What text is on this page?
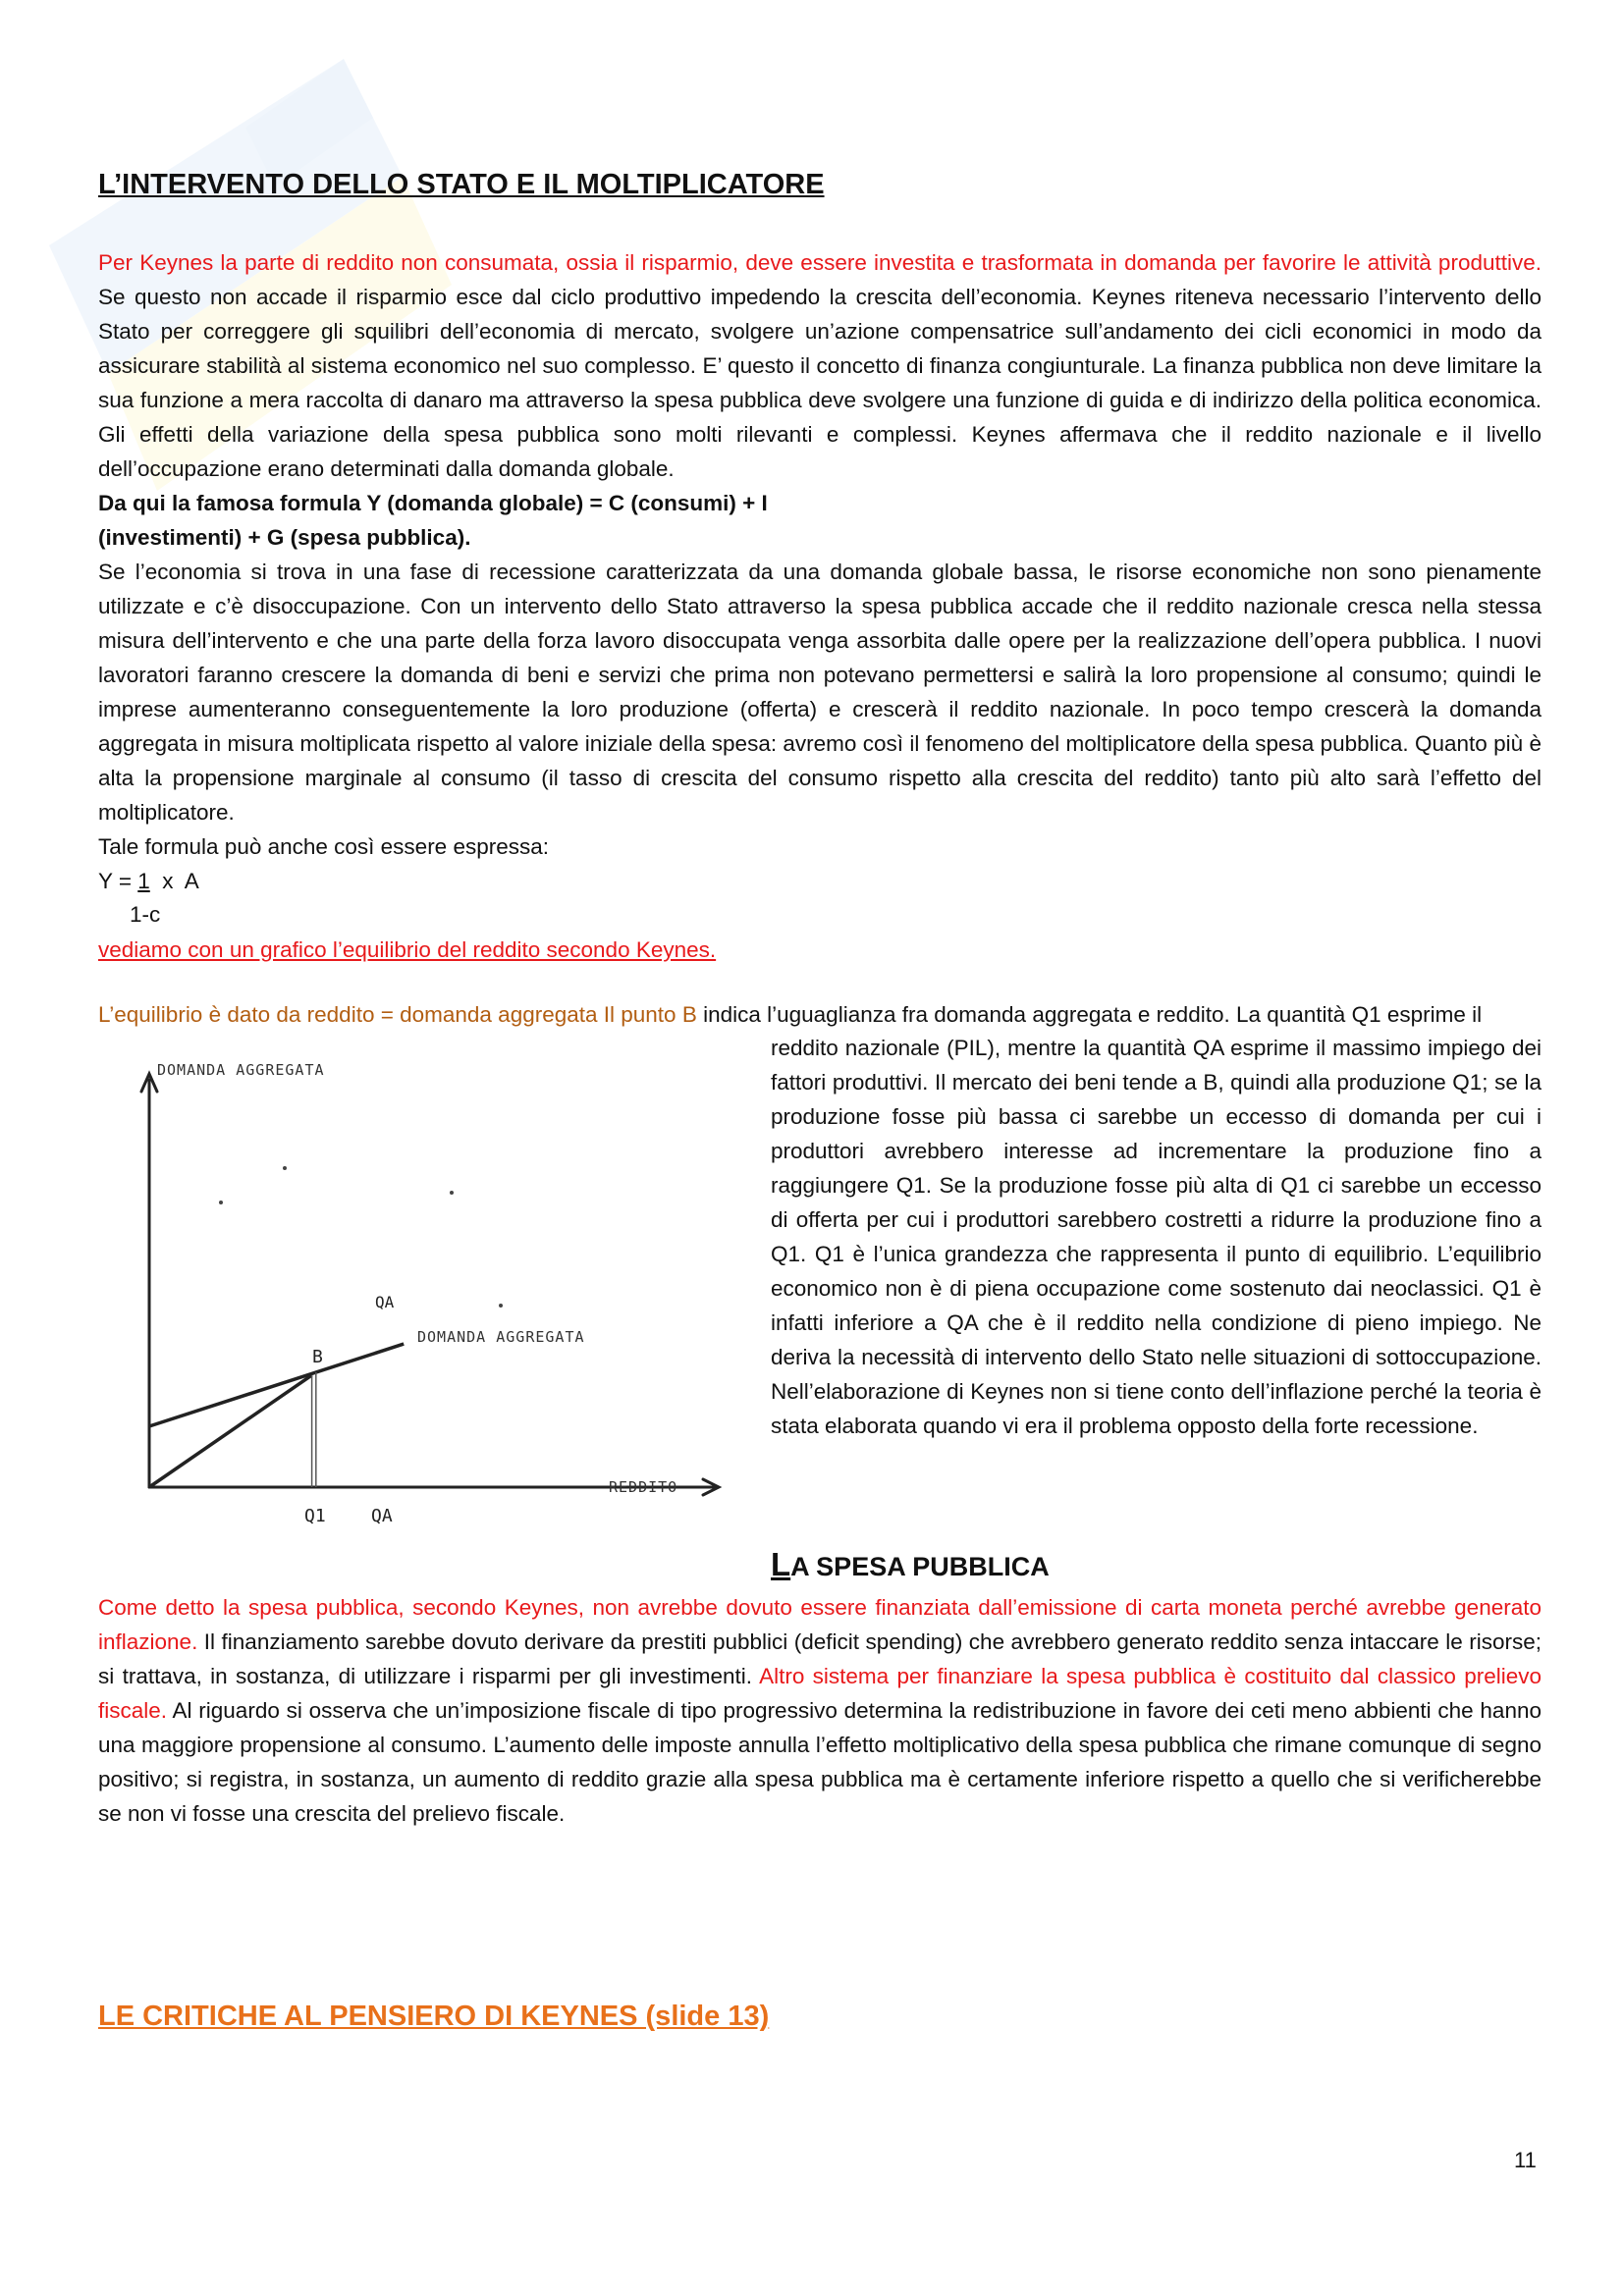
L’INTERVENTO DELLO STATO E IL MOLTIPLICATORE
Per Keynes la parte di reddito non consumata, ossia il risparmio, deve essere investita e trasformata in domanda per favorire le attività produttive. Se questo non accade il risparmio esce dal ciclo produttivo impedendo la crescita dell’economia. Keynes riteneva necessario l’intervento dello Stato per correggere gli squilibri dell’economia di mercato, svolgere un’azione compensatrice sull’andamento dei cicli economici in modo da assicurare stabilità al sistema economico nel suo complesso. E’ questo il concetto di finanza congiunturale. La finanza pubblica non deve limitare la sua funzione a mera raccolta di danaro ma attraverso la spesa pubblica deve svolgere una funzione di guida e di indirizzo della politica economica. Gli effetti della variazione della spesa pubblica sono molti rilevanti e complessi. Keynes affermava che il reddito nazionale e il livello dell’occupazione erano determinati dalla domanda globale.
Da qui la famosa formula Y (domanda globale) = C (consumi) + I
(investimenti) + G (spesa pubblica).
Se l’economia si trova in una fase di recessione caratterizzata da una domanda globale bassa, le risorse economiche non sono pienamente utilizzate e c’è disoccupazione. Con un intervento dello Stato attraverso la spesa pubblica accade che il reddito nazionale cresca nella stessa misura dell’intervento e che una parte della forza lavoro disoccupata venga assorbita dalle opere per la realizzazione dell’opera pubblica. I nuovi lavoratori faranno crescere la domanda di beni e servizi che prima non potevano permettersi e salirà la loro propensione al consumo; quindi le imprese aumenteranno conseguentemente la loro produzione (offerta) e crescerà il reddito nazionale. In poco tempo crescerà la domanda aggregata in misura moltiplicata rispetto al valore iniziale della spesa: avremo così il fenomeno del moltiplicatore della spesa pubblica. Quanto più è alta la propensione marginale al consumo (il tasso di crescita del consumo rispetto alla crescita del reddito) tanto più alto sarà l’effetto del moltiplicatore.
Tale formula può anche così essere espressa:
Y = 1  x  A
1-c
vediamo con un grafico l’equilibrio del reddito secondo Keynes.
L’equilibrio è dato da reddito = domanda aggregata Il punto B indica l’uguaglianza fra domanda aggregata e reddito. La quantità Q1 esprime il
reddito nazionale (PIL), mentre la quantità QA esprime il massimo impiego dei fattori produttivi. Il mercato dei beni tende a B, quindi alla produzione Q1; se la produzione fosse più bassa ci sarebbe un eccesso di domanda per cui i produttori avrebbero interesse ad incrementare la produzione fino a raggiungere Q1. Se la produzione fosse più alta di Q1 ci sarebbe un eccesso di offerta per cui i produttori sarebbero costretti a ridurre la produzione fino a Q1. Q1 è l’unica grandezza che rappresenta il punto di equilibrio. L’equilibrio economico non è di piena occupazione come sostenuto dai neoclassici. Q1 è infatti inferiore a QA che è il reddito nella condizione di pieno impiego. Ne deriva la necessità di intervento dello Stato nelle situazioni di sottoccupazione. Nell’elaborazione di Keynes non si tiene conto dell’inflazione perché la teoria è stata elaborata quando vi era il problema opposto della forte recessione.
DOMANDA AGGREGATA
REDDITO
DOMANDA AGGREGATA
B
QA
Q1	QA
LA SPESA PUBBLICA
Come detto la spesa pubblica, secondo Keynes, non avrebbe dovuto essere finanziata dall’emissione di carta moneta perché avrebbe generato inflazione. Il finanziamento sarebbe dovuto derivare da prestiti pubblici (deficit spending) che avrebbero generato reddito senza intaccare le risorse; si trattava, in sostanza, di utilizzare i risparmi per gli investimenti. Altro sistema per finanziare la spesa pubblica è costituito dal classico prelievo fiscale. Al riguardo si osserva che un’imposizione fiscale di tipo progressivo determina la redistribuzione in favore dei ceti meno abbienti che hanno una maggiore propensione al consumo. L’aumento delle imposte annulla l’effetto moltiplicativo della spesa pubblica che rimane comunque di segno positivo; si registra, in sostanza, un aumento di reddito grazie alla spesa pubblica ma è certamente inferiore rispetto a quello che si verificherebbe se non vi fosse una crescita del prelievo fiscale.
LE CRITICHE AL PENSIERO DI KEYNES (slide 13)
11
